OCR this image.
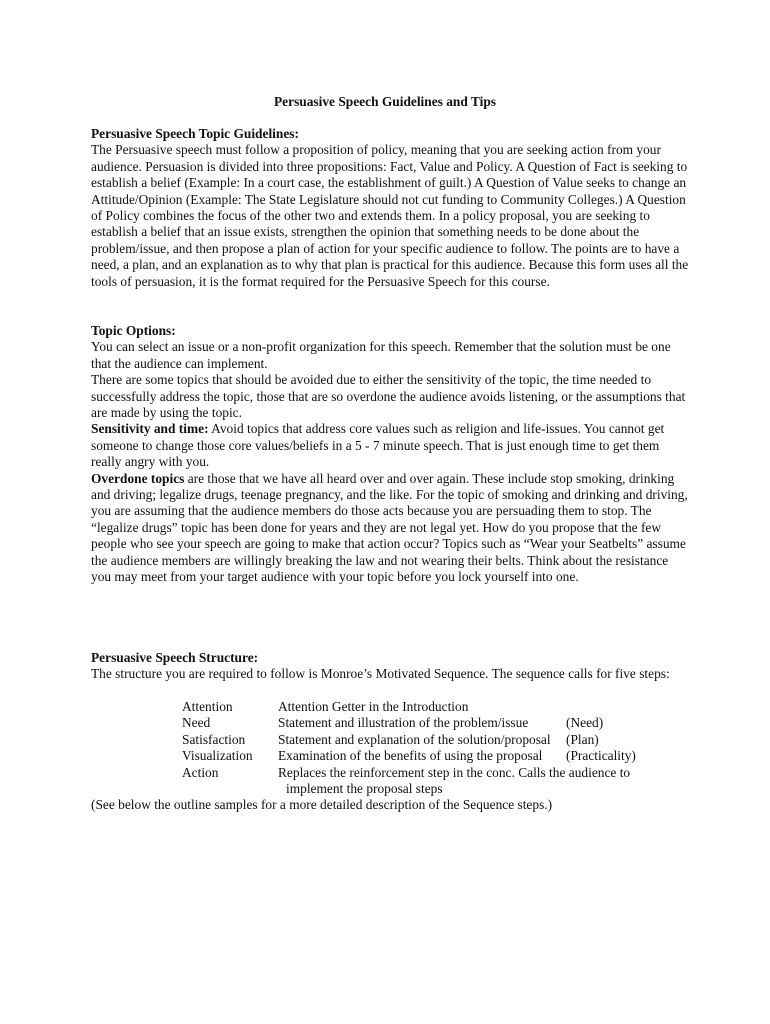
Persuasive Speech Guidelines and Tips
Persuasive Speech Topic Guidelines:

The Persuasive speech must follow a proposition of policy, meaning that you are seeking action from your audience. Persuasion is divided into three propositions: Fact, Value and Policy. A Question of Fact is seeking to establish a belief (Example: In a court case, the establishment of guilt.) A Question of Value seeks to change an Attitude/Opinion (Example: The State Legislature should not cut funding to Community Colleges.) A Question of Policy combines the focus of the other two and extends them. In a policy proposal, you are seeking to establish a belief that an issue exists, strengthen the opinion that something needs to be done about the problem/issue, and then propose a plan of action for your specific audience to follow. The points are to have a need, a plan, and an explanation as to why that plan is practical for this audience. Because this form uses all the tools of persuasion, it is the format required for the Persuasive Speech for this course.

Topic Options:

You can select an issue or a non-profit organization for this speech. Remember that the solution must be one that the audience can implement.

There are some topics that should be avoided due to either the sensitivity of the topic, the time needed to successfully address the topic, those that are so overdone the audience avoids listening, or the assumptions that are made by using the topic.

Sensitivity and time: Avoid topics that address core values such as religion and life-issues. You cannot get someone to change those core values/beliefs in a 5 - 7 minute speech. That is just enough time to get them really angry with you.

Overdone topics are those that we have all heard over and over again. These include stop smoking, drinking and driving; legalize drugs, teenage pregnancy, and the like. For the topic of smoking and drinking and driving, you are assuming that the audience members do those acts because you are persuading them to stop. The “legalize drugs” topic has been done for years and they are not legal yet. How do you propose that the few people who see your speech are going to make that action occur? Topics such as “Wear your Seatbelts” assume the audience members are willingly breaking the law and not wearing their belts. Think about the resistance you may meet from your target audience with your topic before you lock yourself into one.

Persuasive Speech Structure:

The structure you are required to follow is Monroe’s Motivated Sequence. The sequence calls for five steps:

Attention	Attention Getter in the Introduction
Need	Statement and illustration of the problem/issue	(Need)
Satisfaction Statement and explanation of the solution/proposal (Plan)
Visualization Examination of the benefits of using the proposal (Practicality)
Action	Replaces the reinforcement step in the conc. Calls the audience to
implement the proposal steps
(See below the outline samples for a more detailed description of the Sequence steps.)
